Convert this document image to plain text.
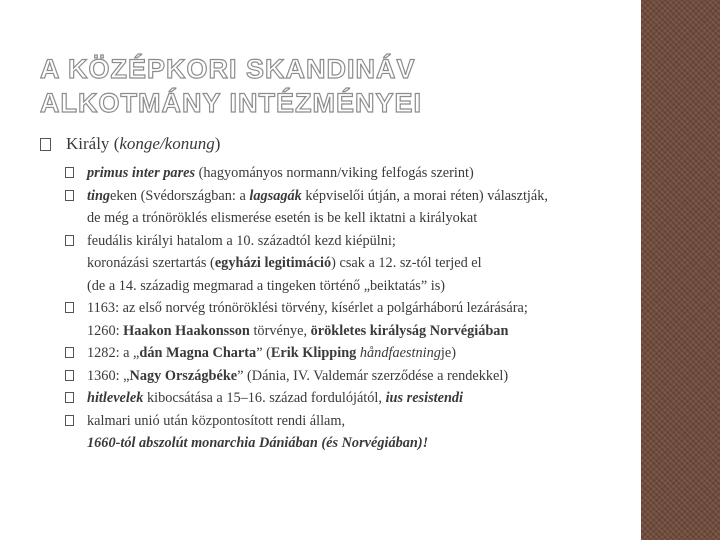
A KÖZÉPKORI SKANDINÁV
ALKOTMÁNY INTÉZMÉNYEI
Király (konge/konung)
primus inter pares (hagyományos normann/viking felfogás szerint)
tingeken (Svédországban: a lagsagák képviselői útján, a morai réten) választják,
de még a trónöröklés elismerése esetén is be kell iktatni a királyokat
feudális királyi hatalom a 10. századtól kezd kiépülni;
koronázási szertartás (egyházi legitimáció) csak a 12. sz-tól terjed el
(de a 14. századig megmarad a tingeken történő „beiktatás” is)
1163: az első norvég trónöröklési törvény, kísérlet a polgárháború lezárására;
1260: Haakon Haakonsson törvénye, örökletes királyság Norvégiában
1282: a „dán Magna Charta” (Erik Klipping håndfaestningje)
1360: „Nagy Országbéke” (Dánia, IV. Valdemár szerződése a rendekkel)
hitlevelek kibocsátása a 15–16. század fordulójától, ius resistendi
kalmari unió után központosított rendi állam,
1660-tól abszolút monarchia Dániában (és Norvégiában)!
